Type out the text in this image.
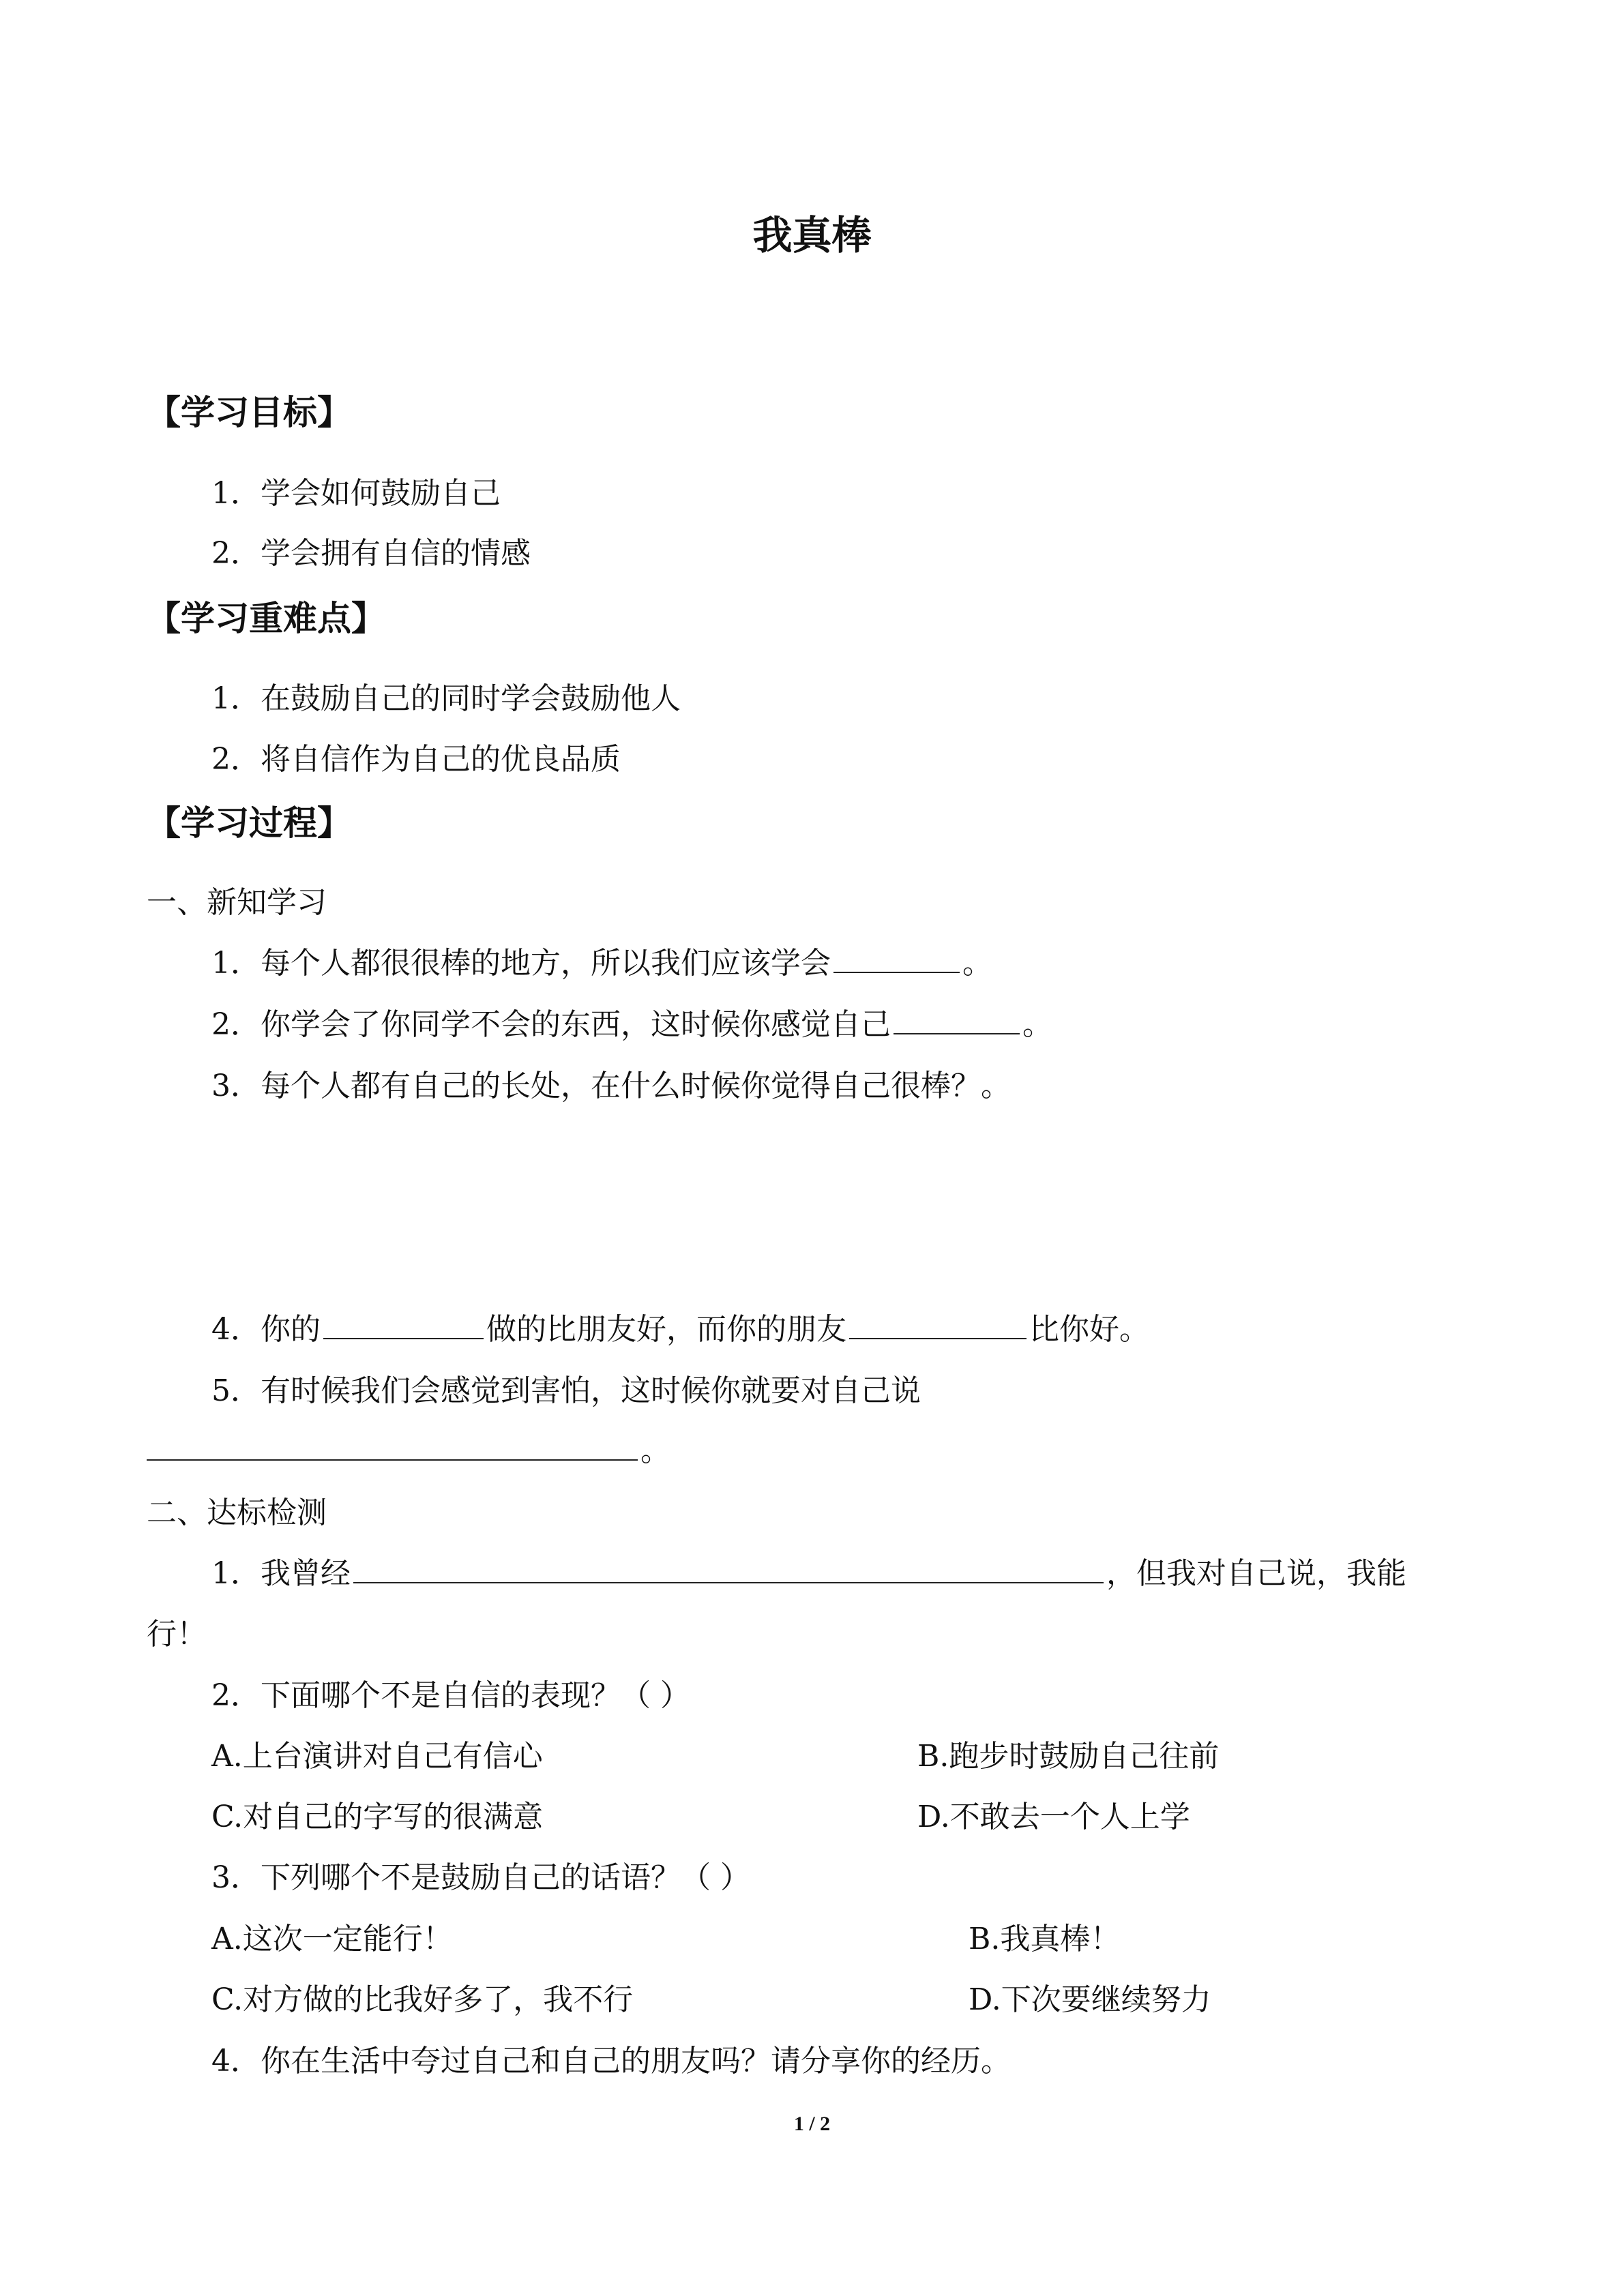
我真棒
【学习目标】
1．学会如何鼓励自己
2．学会拥有自信的情感
【学习重难点】
1．在鼓励自己的同时学会鼓励他人
2．将自信作为自己的优良品质
【学习过程】
一、新知学习
1．每个人都很很棒的地方，所以我们应该学会	。
2．你学会了你同学不会的东西，这时候你感觉自己	。
3．每个人都有自己的长处，在什么时候你觉得自己很棒？。
4．你的	做的比朋友好，而你的朋友	比你好。
5．有时候我们会感觉到害怕，这时候你就要对自己说
。
二、达标检测
1．我曾经	，但我对自己说，我能
行！
2．下面哪个不是自信的表现？（ ）
A.上台演讲对自己有信心	B.跑步时鼓励自己往前
C.对自己的字写的很满意	D.不敢去一个人上学
3．下列哪个不是鼓励自己的话语？（ ）
A.这次一定能行！	B.我真棒！
C.对方做的比我好多了，我不行	D.下次要继续努力
4．你在生活中夸过自己和自己的朋友吗？请分享你的经历。
1 / 2
